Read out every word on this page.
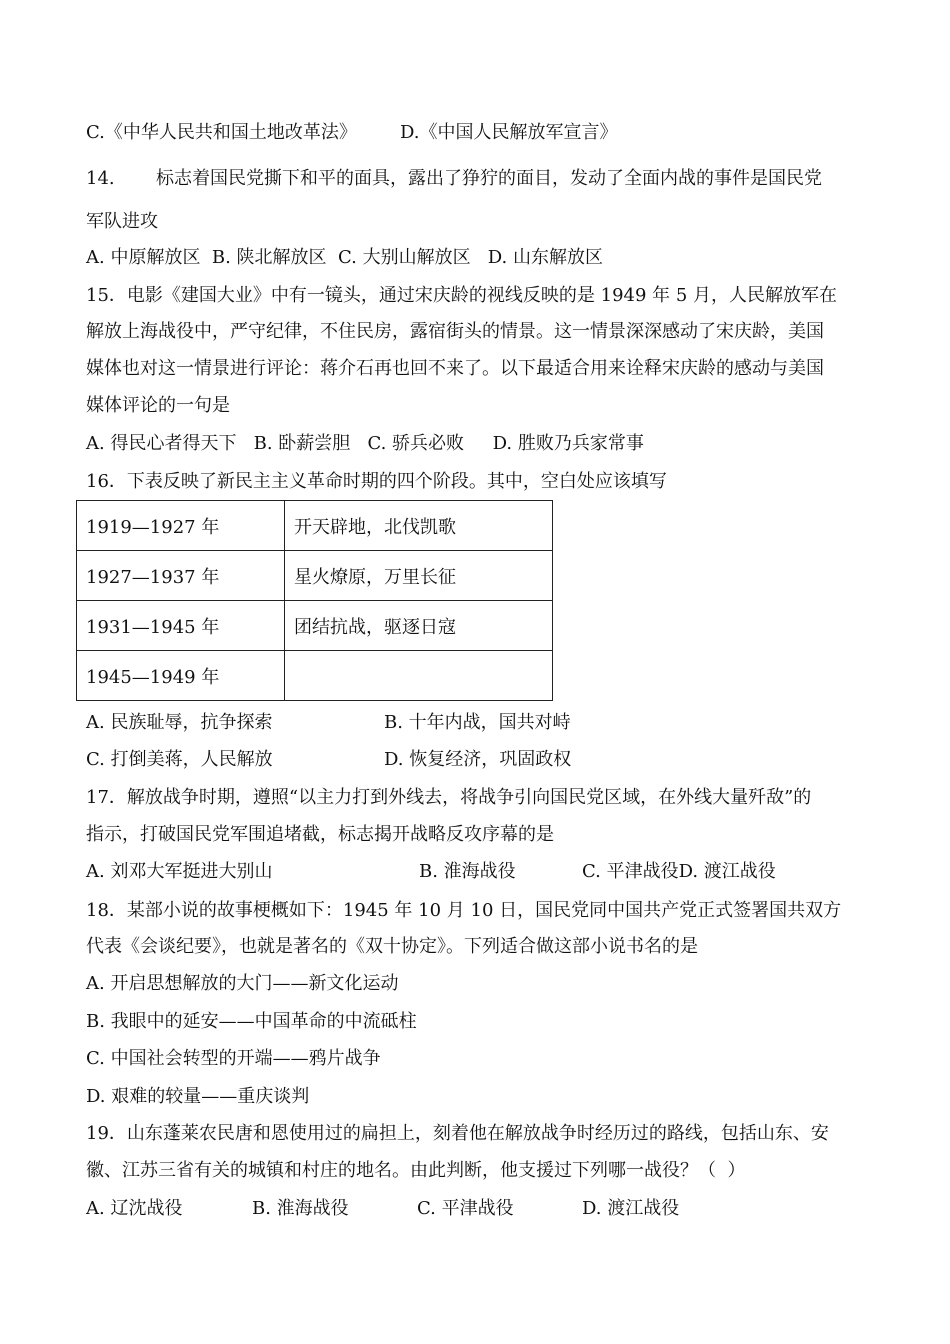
C.《中华人民共和国土地改革法》 D.《中国人民解放军宣言》
14. 标志着国民党撕下和平的面具，露出了狰狞的面目，发动了全面内战的事件是国民党
军队进攻
A. 中原解放区  B. 陕北解放区  C. 大别山解放区   D. 山东解放区
15．电影《建国大业》中有一镜头，通过宋庆龄的视线反映的是 1949 年 5 月，人民解放军在
解放上海战役中，严守纪律，不住民房，露宿街头的情景。这一情景深深感动了宋庆龄，美国
媒体也对这一情景进行评论：蒋介石再也回不来了。以下最适合用来诠释宋庆龄的感动与美国
媒体评论的一句是
A. 得民心者得天下   B. 卧薪尝胆   C. 骄兵必败     D. 胜败乃兵家常事
16．下表反映了新民主主义革命时期的四个阶段。其中，空白处应该填写
1919—1927 年	开天辟地，北伐凯歌
1927—1937 年	星火燎原，万里长征
1931—1945 年	团结抗战，驱逐日寇
1945—1949 年	
A. 民族耻辱，抗争探索	B. 十年内战，国共对峙
C. 打倒美蒋，人民解放	D. 恢复经济，巩固政权
17．解放战争时期，遵照“以主力打到外线去，将战争引向国民党区域，在外线大量歼敌”的
指示，打破国民党军围追堵截，标志揭开战略反攻序幕的是
A. 刘邓大军挺进大别山	B. 淮海战役	C. 平津战役D. 渡江战役
18．某部小说的故事梗概如下：1945 年 10 月 10 日，国民党同中国共产党正式签署国共双方
代表《会谈纪要》，也就是著名的《双十协定》。下列适合做这部小说书名的是
A. 开启思想解放的大门——新文化运动
B. 我眼中的延安——中国革命的中流砥柱
C. 中国社会转型的开端——鸦片战争
D. 艰难的较量——重庆谈判
19．山东蓬莱农民唐和恩使用过的扁担上，刻着他在解放战争时经历过的路线，包括山东、安
徽、江苏三省有关的城镇和村庄的地名。由此判断，他支援过下列哪一战役？（  ）
A. 辽沈战役	B. 淮海战役	C. 平津战役	D. 渡江战役
